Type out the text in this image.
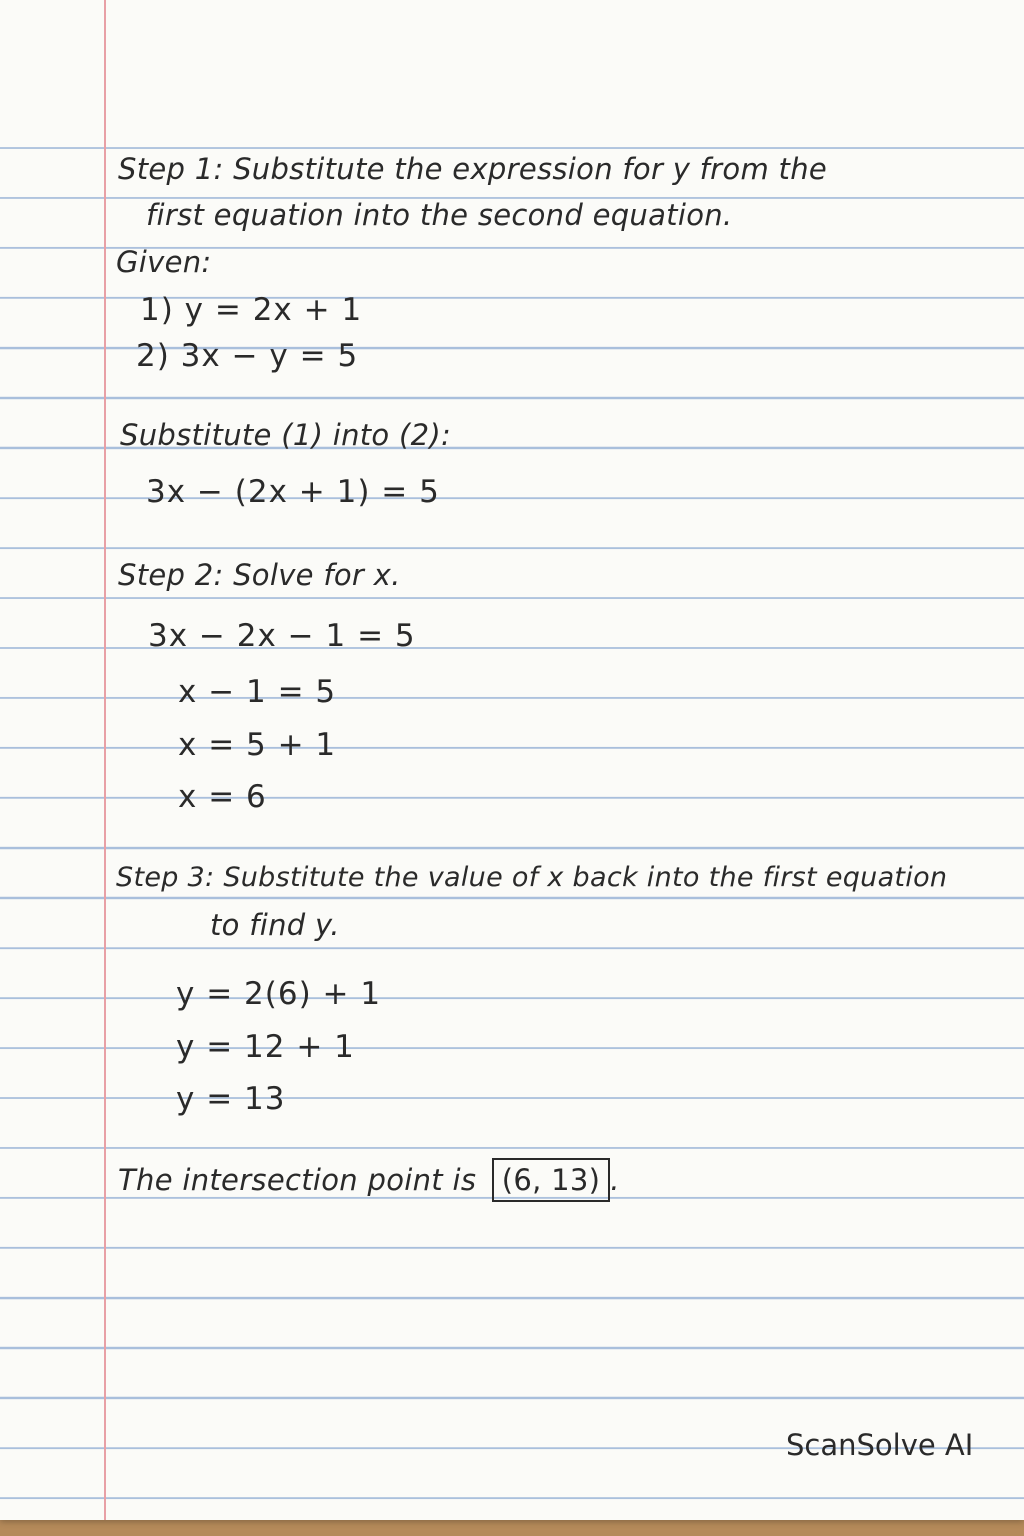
Step 1: Substitute the expression for y from the
first equation into the second equation.
Given:
1) y = 2x + 1
2) 3x − y = 5
Substitute (1) into (2):
3x − (2x + 1) = 5
Step 2: Solve for x.
3x − 2x − 1 = 5
x − 1 = 5
x = 5 + 1
x = 6
Step 3: Substitute the value of x back into the first equation
to find y.
y = 2(6) + 1
y = 12 + 1
y = 13
The intersection point is (6, 13) .
ScanSolve AI
